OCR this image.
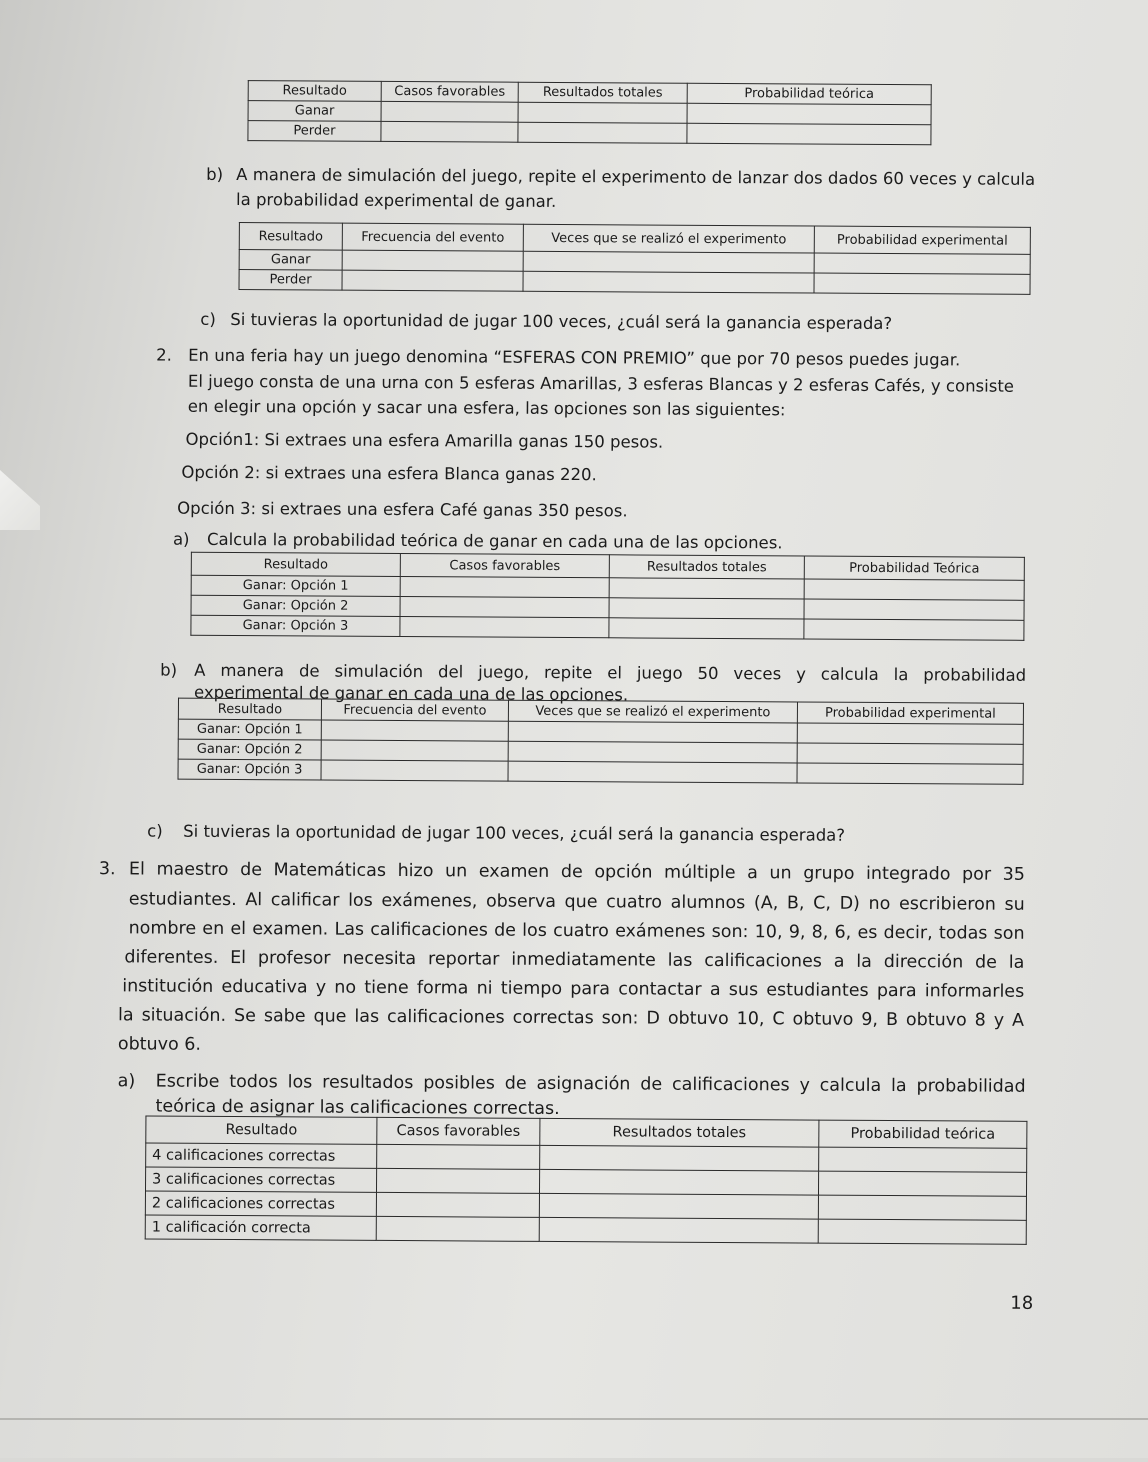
Resultado	Casos favorables	Resultados totales	Probabilidad teórica
Ganar			
Perder			
b) A manera de simulación del juego, repite el experimento de lanzar dos dados 60 veces y calcula
la probabilidad experimental de ganar.
Resultado	Frecuencia del evento	Veces que se realizó el experimento	Probabilidad experimental
Ganar			
Perder			
c) Si tuvieras la oportunidad de jugar 100 veces, ¿cuál será la ganancia esperada?
2. En una feria hay un juego denomina “ESFERAS CON PREMIO” que por 70 pesos puedes jugar.
El juego consta de una urna con 5 esferas Amarillas, 3 esferas Blancas y 2 esferas Cafés, y consiste
en elegir una opción y sacar una esfera, las opciones son las siguientes:
Opción1: Si extraes una esfera Amarilla ganas 150 pesos.
Opción 2: si extraes una esfera Blanca ganas 220.
Opción 3: si extraes una esfera Café ganas 350 pesos.
a) Calcula la probabilidad teórica de ganar en cada una de las opciones.
Resultado	Casos favorables	Resultados totales	Probabilidad Teórica
Ganar: Opción 1			
Ganar: Opción 2			
Ganar: Opción 3			
b) A manera de simulación del juego, repite el juego 50 veces y calcula la probabilidad
experimental de ganar en cada una de las opciones.
Resultado	Frecuencia del evento	Veces que se realizó el experimento	Probabilidad experimental
Ganar: Opción 1			
Ganar: Opción 2			
Ganar: Opción 3			
c) Si tuvieras la oportunidad de jugar 100 veces, ¿cuál será la ganancia esperada?
3. El maestro de Matemáticas hizo un examen de opción múltiple a un grupo integrado por 35
estudiantes. Al calificar los exámenes, observa que cuatro alumnos (A, B, C, D) no escribieron su
nombre en el examen. Las calificaciones de los cuatro exámenes son: 10, 9, 8, 6, es decir, todas son
diferentes. El profesor necesita reportar inmediatamente las calificaciones a la dirección de la
institución educativa y no tiene forma ni tiempo para contactar a sus estudiantes para informarles
la situación. Se sabe que las calificaciones correctas son: D obtuvo 10, C obtuvo 9, B obtuvo 8 y A
obtuvo 6.
a) Escribe todos los resultados posibles de asignación de calificaciones y calcula la probabilidad
teórica de asignar las calificaciones correctas.
Resultado	Casos favorables	Resultados totales	Probabilidad teórica
4 calificaciones correctas			
3 calificaciones correctas			
2 calificaciones correctas			
1 calificación correcta			
18
